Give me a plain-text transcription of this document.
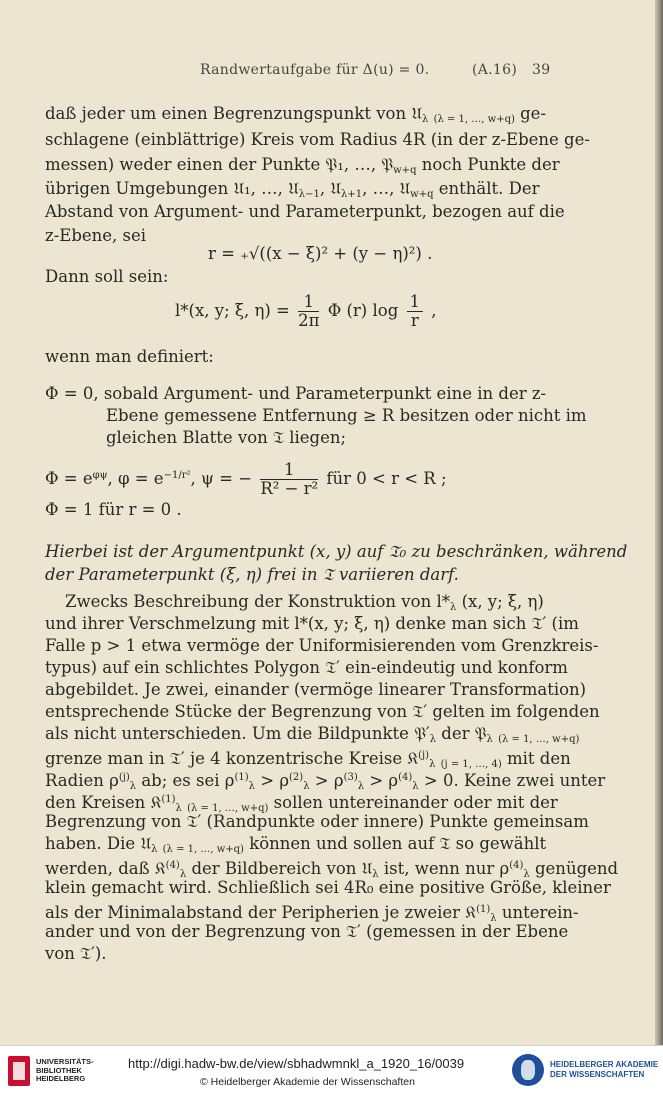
Randwertaufgabe für Δ(u) = 0.	(A.16) 39
daß jeder um einen Begrenzungspunkt von 𝔘$_\lambda$ $_{(\lambda = 1, \dots, w+q)}$ ge-
schlagene (einblättrige) Kreis vom Radius 4R (in der z-Ebene ge-
messen) weder einen der Punkte 𝔓₁, …, 𝔓$_{w+q}$ noch Punkte der
übrigen Umgebungen 𝔘₁, …, 𝔘$_{\lambda-1}$, 𝔘$_{\lambda+1}$, …, 𝔘$_{w+q}$ enthält. Der
Abstand von Argument- und Parameterpunkt, bezogen auf die
z-Ebene, sei
r = ₊√((x − ξ)² + (y − η)²) .
Dann soll sein:
l*(x, y; ξ, $\eta) = \frac{1}{2\pi}$ Φ (r) $\log \frac{1}{r}$ ,
wenn man definiert:
Φ = 0, sobald Argument- und Parameterpunkt eine in der z-
Ebene gemessene Entfernung ≥ R besitzen oder nicht im
gleichen Blatte von 𝔗 liegen;
$\Phi = e^{\varphi\psi}$, $\varphi = e^{-1/r^2}$, ψ = − $\frac{1}{\text{R² − r²}}$ für 0 < r < R ;
Φ = 1 für r = 0 .
Hierbei ist der Argumentpunkt (x, y) auf 𝔗₀ zu beschränken, während
der Parameterpunkt (ξ, η) frei in 𝔗 variieren darf.
Zwecks Beschreibung der Konstruktion von $l*_\lambda$ (x, y; ξ, η)
und ihrer Verschmelzung mit l*(x, y; ξ, η) denke man sich 𝔗′ (im
Falle p > 1 etwa vermöge der Uniformisierenden vom Grenzkreis-
typus) auf ein schlichtes Polygon 𝔗′ ein-eindeutig und konform
abgebildet. Je zwei, einander (vermöge linearer Transformation)
entsprechende Stücke der Begrenzung von 𝔗′ gelten im folgenden
als nicht unterschieden. Um die Bildpunkte $𝔓'_\lambda$ der 𝔓$_\lambda$ $_{(\lambda = 1, \dots, w+q)}$
grenze man in 𝔗′ je 4 konzentrische Kreise 𝔎$^{(j)}_\lambda$ $_{(j = 1, \dots, 4)}$ mit den
Radien $\rho^{(j)}_\lambda$ ab; es sei $\rho^{(1)}_\lambda > \rho^{(2)}_\lambda > \rho^{(3)}_\lambda > \rho^{(4)}_\lambda > 0$. Keine zwei unter
den Kreisen 𝔎$^{(1)}_\lambda$ $_{(\lambda = 1, \dots, w+q)}$ sollen untereinander oder mit der
Begrenzung von 𝔗′ (Randpunkte oder innere) Punkte gemeinsam
haben. Die 𝔘$_\lambda$ $_{(\lambda = 1, \dots, w+q)}$ können und sollen auf 𝔗 so gewählt
werden, daß 𝔎$^{(4)}_\lambda$ der Bildbereich von 𝔘$_\lambda$ ist, wenn nur $\rho^{(4)}_\lambda$ genügend
klein gemacht wird. Schließlich sei 4R₀ eine positive Größe, kleiner
als der Minimalabstand der Peripherien je zweier 𝔎$^{(1)}_\lambda$ unterein-
ander und von der Begrenzung von 𝔗′ (gemessen in der Ebene
von 𝔗′).
UNIVERSITÄTS-
BIBLIOTHEK
HEIDELBERG
http://digi.hadw-bw.de/view/sbhadwmnkl_a_1920_16/0039
© Heidelberger Akademie der Wissenschaften
HEIDELBERGER AKADEMIE
DER WISSENSCHAFTEN
